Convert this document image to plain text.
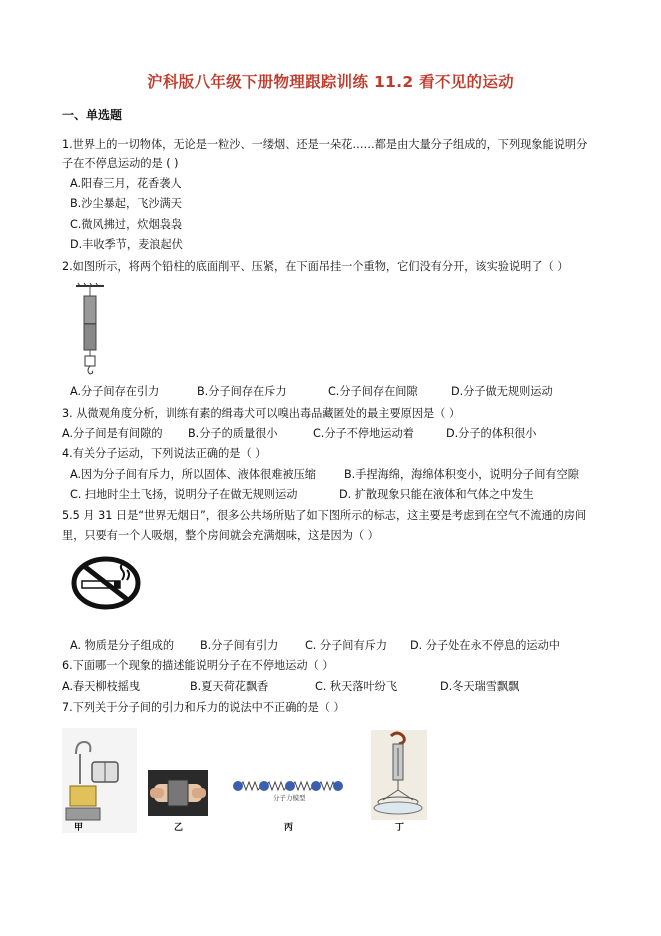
沪科版八年级下册物理跟踪训练 11.2 看不见的运动
一、单选题
1.世界上的一切物体，无论是一粒沙、一缕烟、还是一朵花……都是由大量分子组成的，下列现象能说明分
子在不停息运动的是 ( )
A.阳春三月，花香袭人
B.沙尘暴起，飞沙满天
C.微风拂过，炊烟袅袅
D.丰收季节，麦浪起伏
2.如图所示，将两个铅柱的底面削平、压紧，在下面吊挂一个重物，它们没有分开，该实验说明了（ ）
A.分子间存在引力	B.分子间存在斥力	C.分子间存在间隙	D.分子做无规则运动
3. 从微观角度分析，训练有素的缉毒犬可以嗅出毒品藏匿处的最主要原因是（ ）
A.分子间是有间隙的 B.分子的质量很小	C.分子不停地运动着	D.分子的体积很小
4.有关分子运动，下列说法正确的是（ ）
A.因为分子间有斥力，所以固体、液体很难被压缩	B.手捏海绵，海绵体积变小，说明分子间有空隙
C. 扫地时尘土飞扬，说明分子在做无规则运动	D. 扩散现象只能在液体和气体之中发生
5.5 月 31 日是“世界无烟日”，很多公共场所贴了如下图所示的标志，这主要是考虑到在空气不流通的房间
里，只要有一个人吸烟，整个房间就会充满烟味，这是因为（ ）
A. 物质是分子组成的 B.分子间有引力 C. 分子间有斥力 D. 分子处在永不停息的运动中
6.下面哪一个现象的描述能说明分子在不停地运动（ ）
A.春天柳枝摇曳	B.夏天荷花飘香	C. 秋天落叶纷飞	D.冬天瑞雪飘飘
7.下列关于分子间的引力和斥力的说法中不正确的是（ ）
甲	乙
分子力模型
丙	丁
